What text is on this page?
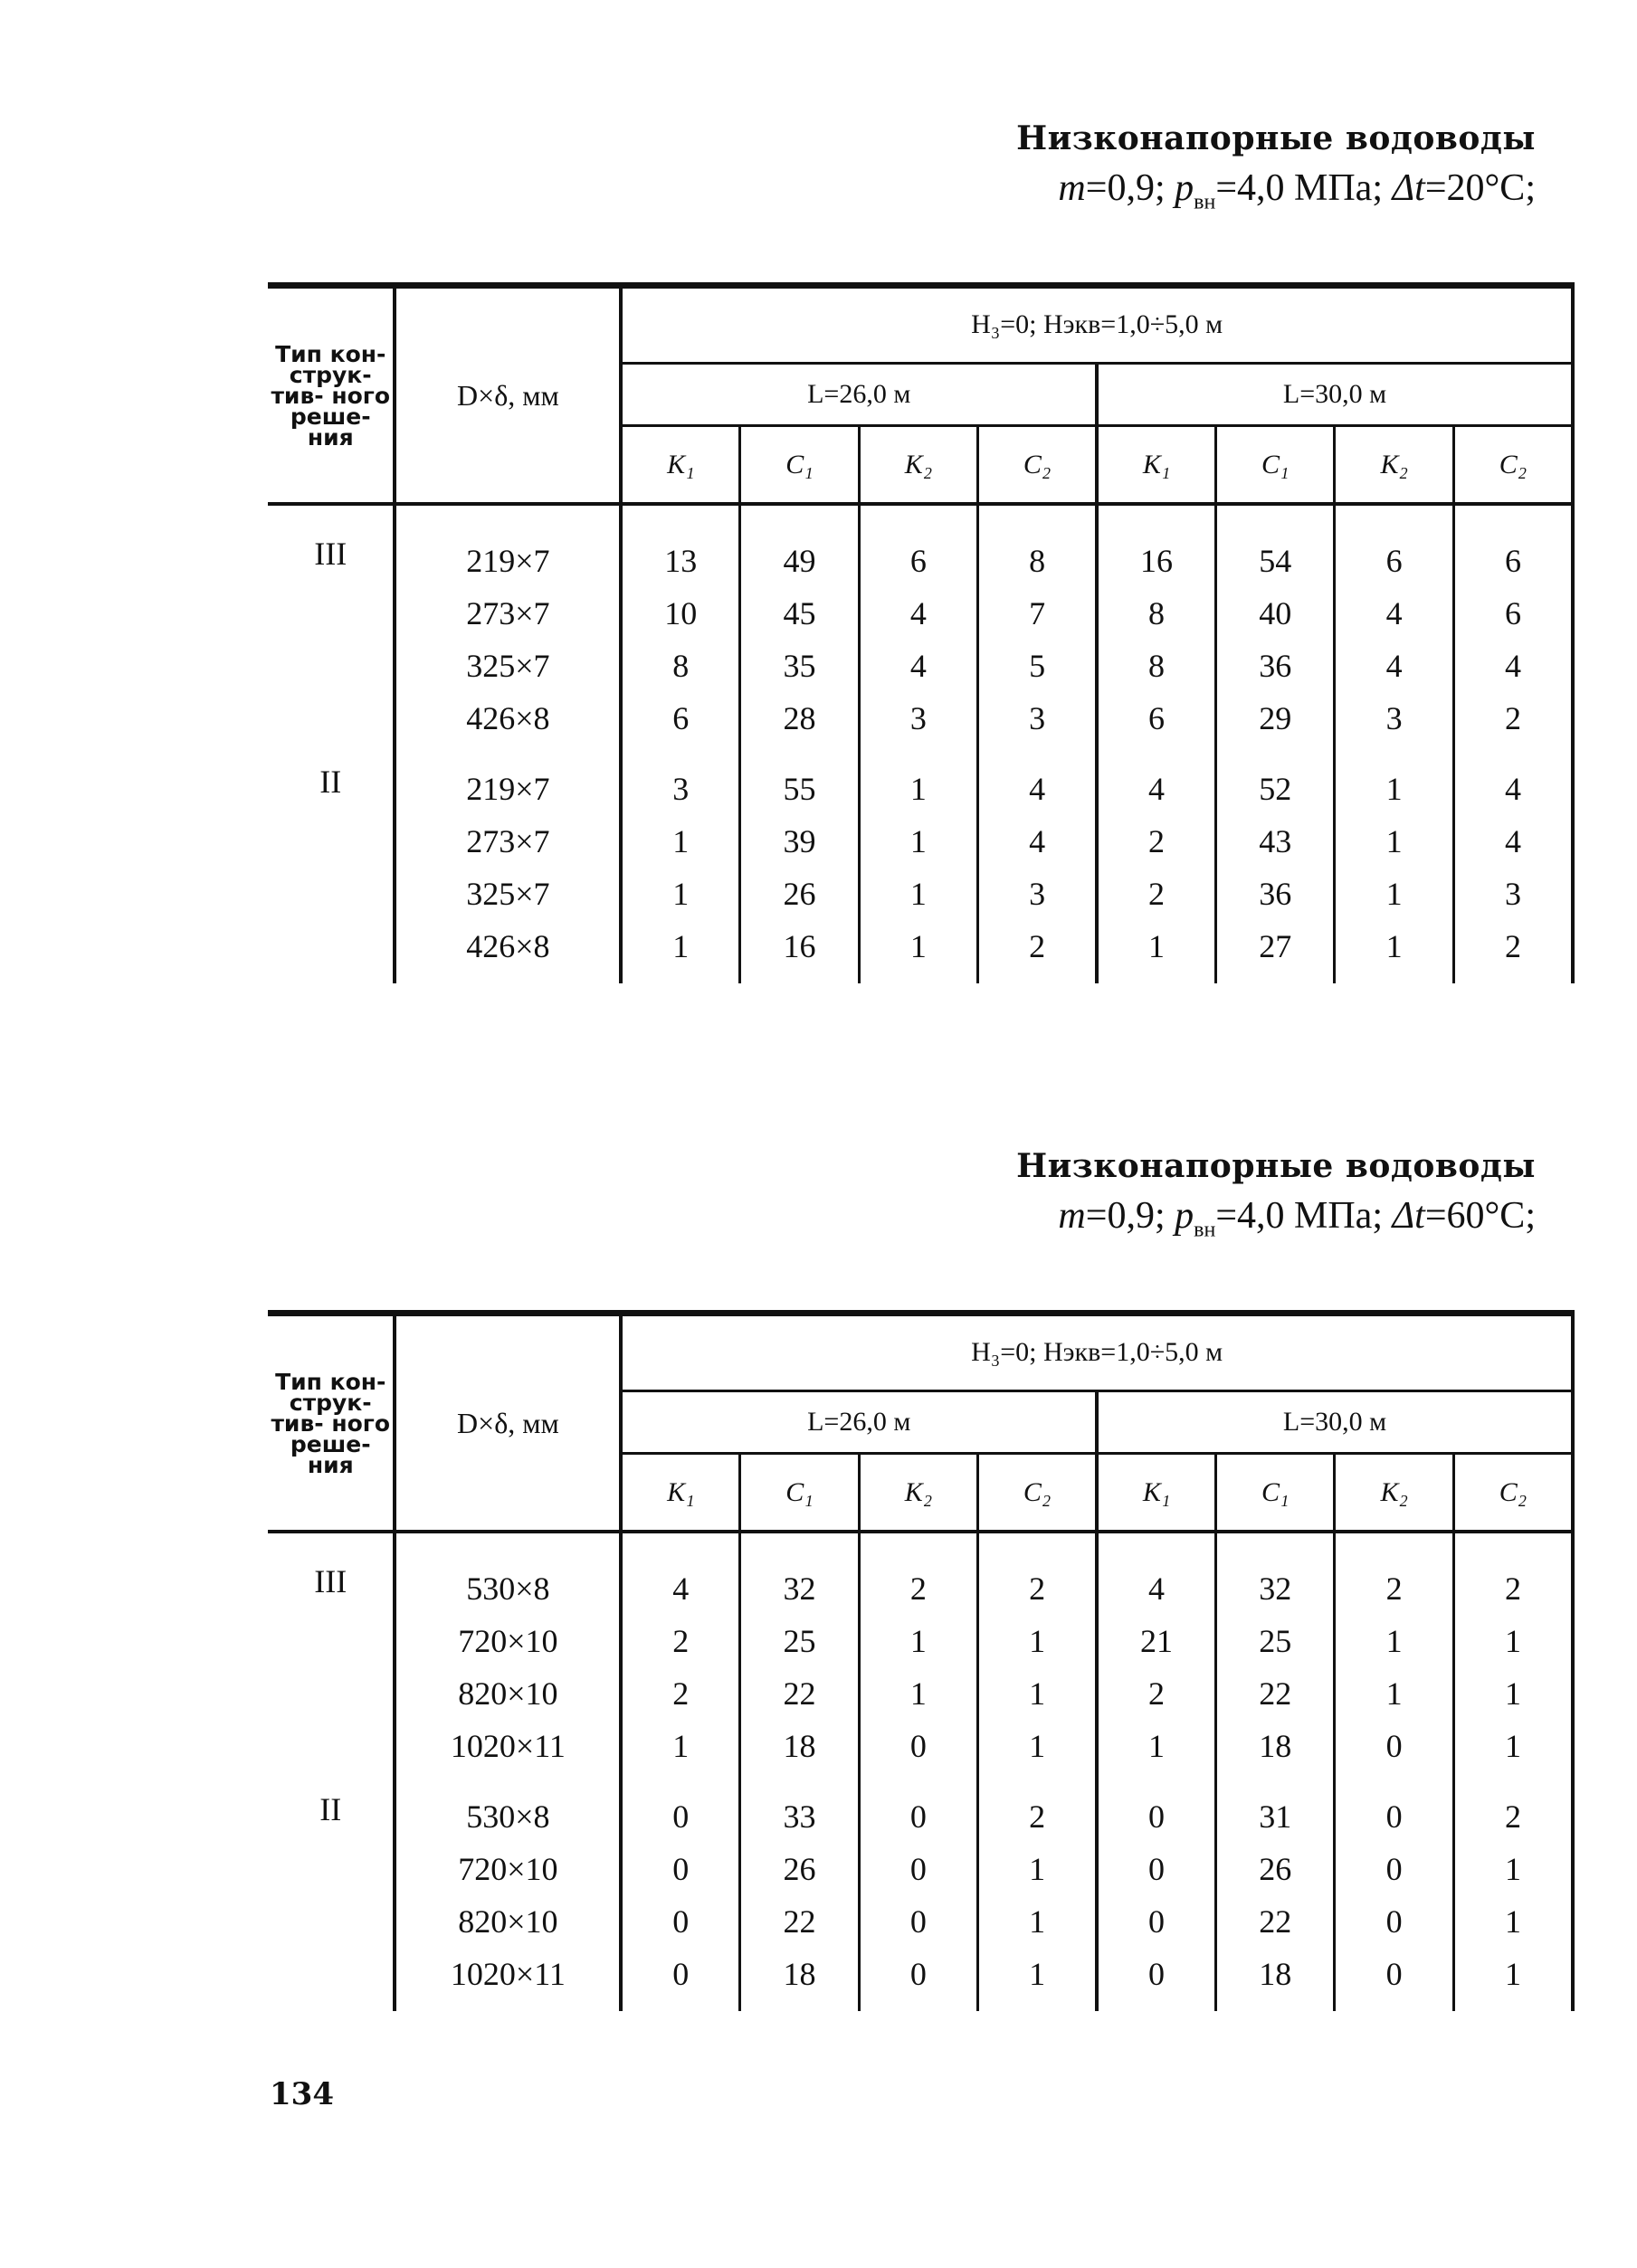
Низконапорные водоводы
m=0,9; $p_{вн}=4,0$ МПа; Δt=20°C;
Тип кон- струк- тив- ного реше- ния	D×δ, мм	H₃=0; Hэкв=1,0÷5,0 м							
		L=26,0 м				L=30,0 м			
		K₁	C₁	K₂	C₂	K₁	C₁	K₂	C₂
III	219×7	13	49	6	8	16	54	6	6
	273×7	10	45	4	7	8	40	4	6
	325×7	8	35	4	5	8	36	4	4
	426×8	6	28	3	3	6	29	3	2
II	219×7	3	55	1	4	4	52	1	4
	273×7	1	39	1	4	2	43	1	4
	325×7	1	26	1	3	2	36	1	3
	426×8	1	16	1	2	1	27	1	2
Низконапорные водоводы
m=0,9; $p_{вн}=4,0$ МПа; Δt=60°C;
Тип кон- струк- тив- ного реше- ния	D×δ, мм	H₃=0; Hэкв=1,0÷5,0 м							
		L=26,0 м				L=30,0 м			
		K₁	C₁	K₂	C₂	K₁	C₁	K₂	C₂
III	530×8	4	32	2	2	4	32	2	2
	720×10	2	25	1	1	21	25	1	1
	820×10	2	22	1	1	2	22	1	1
	1020×11	1	18	0	1	1	18	0	1
II	530×8	0	33	0	2	0	31	0	2
	720×10	0	26	0	1	0	26	0	1
	820×10	0	22	0	1	0	22	0	1
	1020×11	0	18	0	1	0	18	0	1
134
